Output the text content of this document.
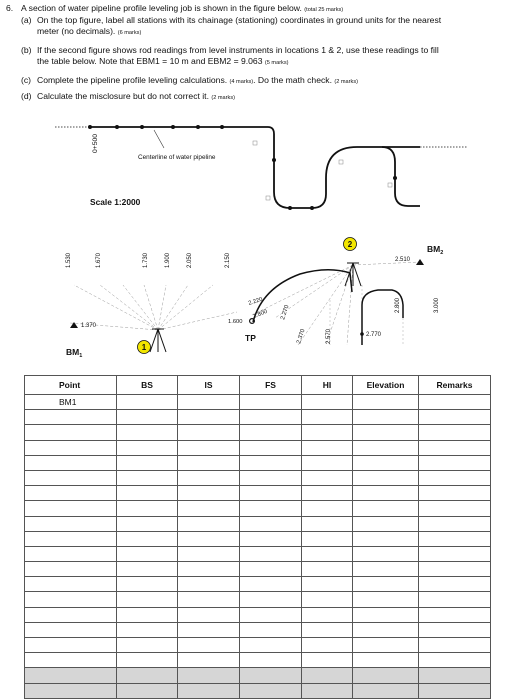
6. A section of water pipeline profile leveling job is shown in the figure below. (total 25 marks)
(a) On the top figure, label all stations with its chainage (stationing) coordinates in ground units for the nearest
meter (no decimals). (6 marks)
(b) If the second figure shows rod readings from level instruments in locations 1 & 2, use these readings to fill
the table below. Note that EBM1 = 10 m and EBM2 = 9.063 (5 marks)
(c) Complete the pipeline profile leveling calculations. (4 marks). Do the math check. (2 marks)
(d) Calculate the misclosure but do not correct it. (2 marks)
Centerline of water pipeline
0+500
Scale 1:2000
1
2
1.370
$BM_1$
2.510
$BM_2$
TP
1.600
2.220
1.800
1.530	1.670	1.730	1.900	2.050	2.150
2.270
2.370	2.570	2.770
2.800	3.000
Point	BS	IS	FS	HI	Elevation	Remarks
BM1						
